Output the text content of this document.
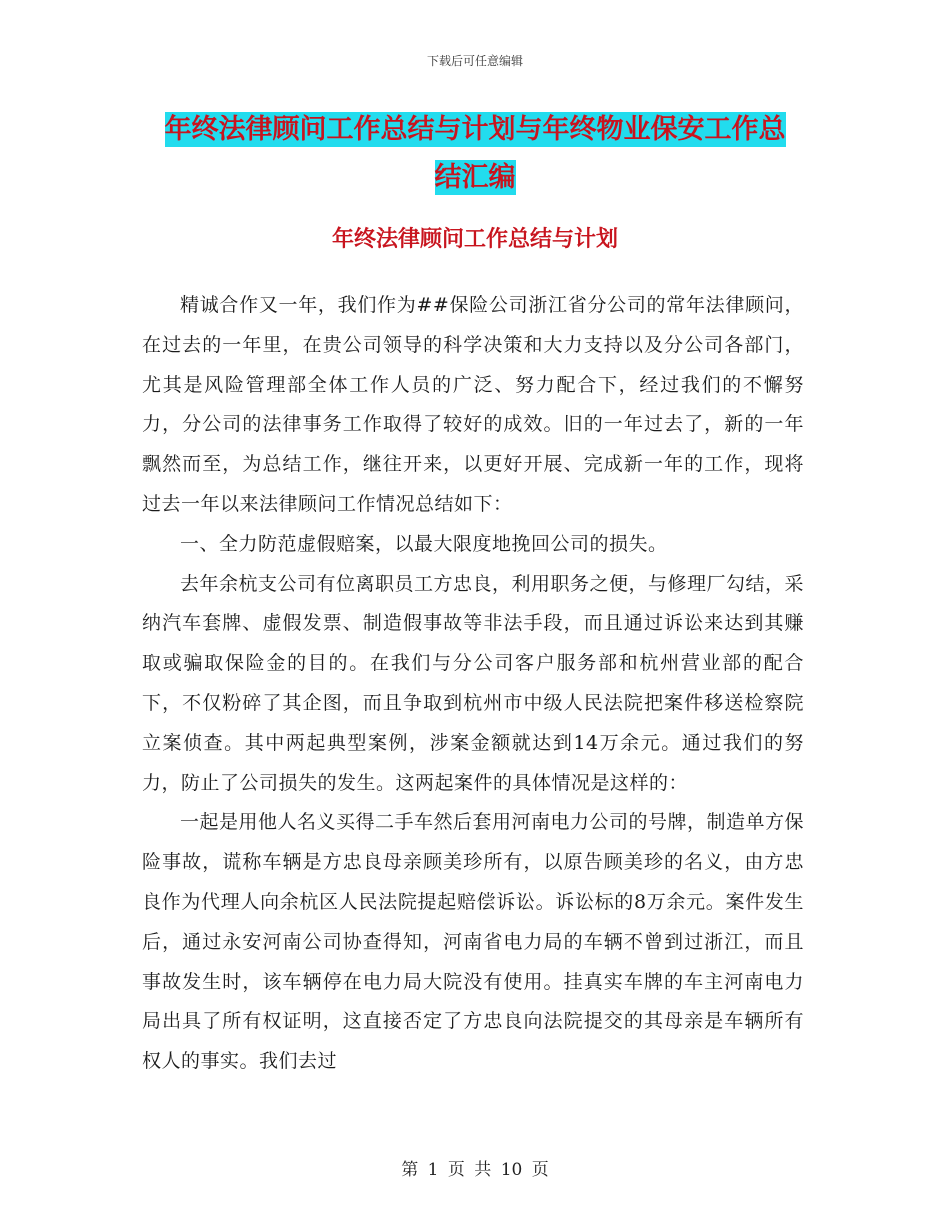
下载后可任意编辑
年终法律顾问工作总结与计划与年终物业保安工作总
结汇编
年终法律顾问工作总结与计划

精诚合作又一年，我们作为##保险公司浙江省分公司的常年法律顾问，在过去的一年里，在贵公司领导的科学决策和大力支持以及分公司各部门，尤其是风险管理部全体工作人员的广泛、努力配合下，经过我们的不懈努力，分公司的法律事务工作取得了较好的成效。旧的一年过去了，新的一年飘然而至，为总结工作，继往开来，以更好开展、完成新一年的工作，现将过去一年以来法律顾问工作情况总结如下：

一、全力防范虚假赔案，以最大限度地挽回公司的损失。

去年余杭支公司有位离职员工方忠良，利用职务之便，与修理厂勾结，采纳汽车套牌、虚假发票、制造假事故等非法手段，而且通过诉讼来达到其赚取或骗取保险金的目的。在我们与分公司客户服务部和杭州营业部的配合下，不仅粉碎了其企图，而且争取到杭州市中级人民法院把案件移送检察院立案侦查。其中两起典型案例，涉案金额就达到14万余元。通过我们的努力，防止了公司损失的发生。这两起案件的具体情况是这样的：

一起是用他人名义买得二手车然后套用河南电力公司的号牌，制造单方保险事故，谎称车辆是方忠良母亲顾美珍所有，以原告顾美珍的名义，由方忠良作为代理人向余杭区人民法院提起赔偿诉讼。诉讼标的8万余元。案件发生后，通过永安河南公司协查得知，河南省电力局的车辆不曾到过浙江，而且事故发生时，该车辆停在电力局大院没有使用。挂真实车牌的车主河南电力局出具了所有权证明，这直接否定了方忠良向法院提交的其母亲是车辆所有权人的事实。我们去过

第 1 页 共 10 页
